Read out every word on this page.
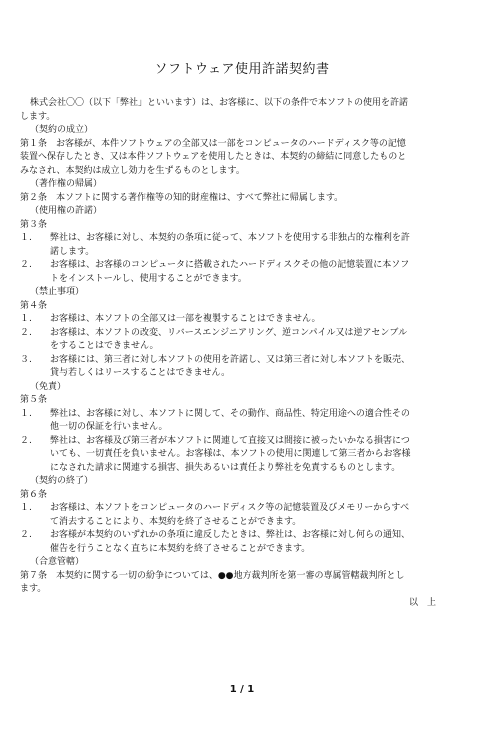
ソフトウェア使用許諾契約書
株式会社〇〇（以下「弊社」といいます）は、お客様に、以下の条件で本ソフトの使用を許諾
します。
（契約の成立）
第１条　お客様が、本件ソフトウェアの全部又は一部をコンピュータのハードディスク等の記憶
装置へ保存したとき、又は本件ソフトウェアを使用したときは、本契約の締結に同意したものと
みなされ、本契約は成立し効力を生ずるものとします。
（著作権の帰属）
第２条　本ソフトに関する著作権等の知的財産権は、すべて弊社に帰属します。
（使用権の許諾）
第３条
１.	弊社は、お客様に対し、本契約の条項に従って、本ソフトを使用する非独占的な権利を許
諾します。
２.	お客様は、お客様のコンピュータに搭載されたハードディスクその他の記憶装置に本ソフ
トをインストールし、使用することができます。
（禁止事項）
第４条
１.	お客様は、本ソフトの全部又は一部を複製することはできません。
２.	お客様は、本ソフトの改変、リバースエンジニアリング、逆コンパイル又は逆アセンブル
をすることはできません。
３.	お客様には、第三者に対し本ソフトの使用を許諾し、又は第三者に対し本ソフトを販売、
貸与若しくはリースすることはできません。
（免責）
第５条
１.	弊社は、お客様に対し、本ソフトに関して、その動作、商品性、特定用途への適合性その
他一切の保証を行いません。
２.	弊社は、お客様及び第三者が本ソフトに関連して直接又は間接に被ったいかなる損害につ
いても、一切責任を負いません。お客様は、本ソフトの使用に関連して第三者からお客様
になされた請求に関連する損害、損失あるいは責任より弊社を免責するものとします。
（契約の終了）
第６条
１.	お客様は、本ソフトをコンピュータのハードディスク等の記憶装置及びメモリーからすべ
て消去することにより、本契約を終了させることができます。
２.	お客様が本契約のいずれかの条項に違反したときは、弊社は、お客様に対し何らの通知、
催告を行うことなく直ちに本契約を終了させることができます。
（合意管轄）
第７条　本契約に関する一切の紛争については、●●地方裁判所を第一審の専属管轄裁判所とし
ます。
以　上
1 / 1
